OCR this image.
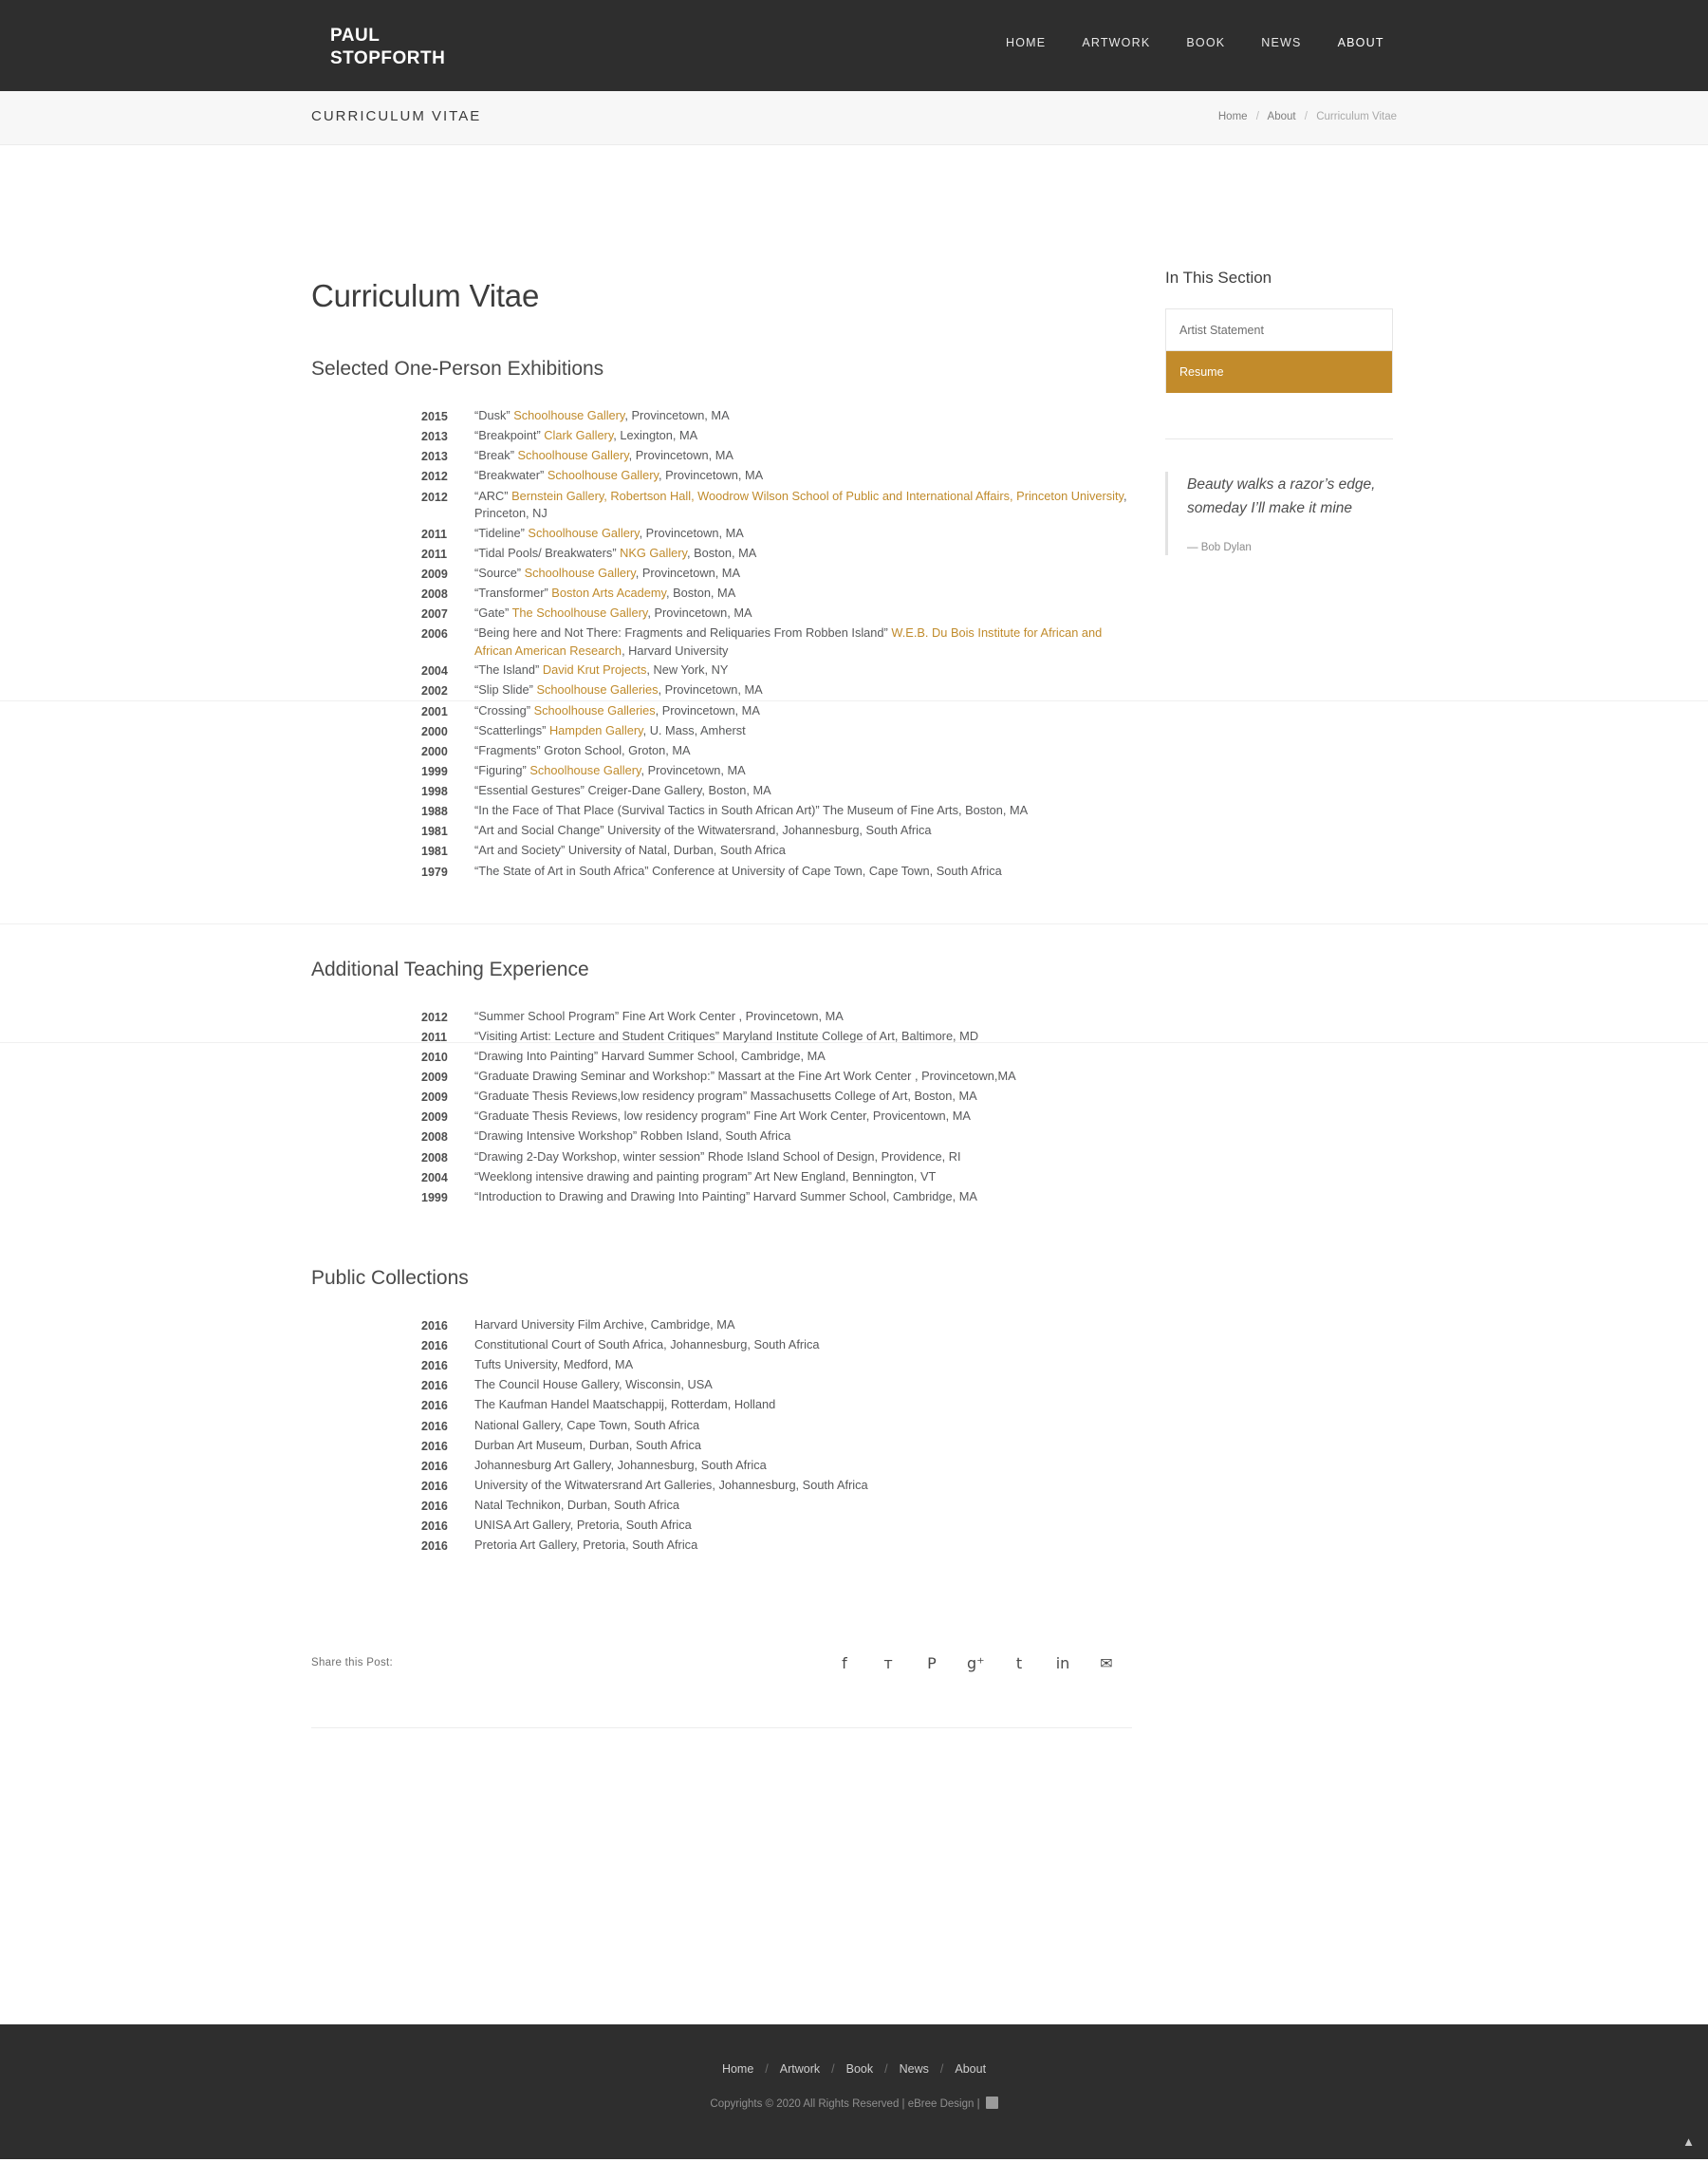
PAUL
STOPFORTH
HOME	ARTWORK	BOOK	NEWS	ABOUT
CURRICULUM VITAE	Home / About / Curriculum Vitae
Curriculum Vitae
Selected One-Person Exhibitions
2015	“Dusk” Schoolhouse Gallery, Provincetown, MA
2013	“Breakpoint” Clark Gallery, Lexington, MA
2013	“Break” Schoolhouse Gallery, Provincetown, MA
2012	“Breakwater” Schoolhouse Gallery, Provincetown, MA
2012	“ARC” Bernstein Gallery, Robertson Hall, Woodrow Wilson School of Public and International Affairs, Princeton University, Princeton, NJ
2011	“Tideline” Schoolhouse Gallery, Provincetown, MA
2011	“Tidal Pools/ Breakwaters” NKG Gallery, Boston, MA
2009	“Source” Schoolhouse Gallery, Provincetown, MA
2008	“Transformer” Boston Arts Academy, Boston, MA
2007	“Gate” The Schoolhouse Gallery, Provincetown, MA
2006	“Being here and Not There: Fragments and Reliquaries From Robben Island” W.E.B. Du Bois Institute for African and African American Research, Harvard University
2004	“The Island” David Krut Projects, New York, NY
2002	“Slip Slide” Schoolhouse Galleries, Provincetown, MA
2001	“Crossing” Schoolhouse Galleries, Provincetown, MA
2000	“Scatterlings” Hampden Gallery, U. Mass, Amherst
2000	“Fragments” Groton School, Groton, MA
1999	“Figuring” Schoolhouse Gallery, Provincetown, MA
1998	“Essential Gestures” Creiger-Dane Gallery, Boston, MA
1988	“In the Face of That Place (Survival Tactics in South African Art)” The Museum of Fine Arts, Boston, MA
1981	“Art and Social Change” University of the Witwatersrand, Johannesburg, South Africa
1981	“Art and Society” University of Natal, Durban, South Africa
1979	“The State of Art in South Africa” Conference at University of Cape Town, Cape Town, South Africa
Additional Teaching Experience
2012	“Summer School Program” Fine Art Work Center , Provincetown, MA
2011	“Visiting Artist: Lecture and Student Critiques” Maryland Institute College of Art, Baltimore, MD
2010	“Drawing Into Painting” Harvard Summer School, Cambridge, MA
2009	“Graduate Drawing Seminar and Workshop:” Massart at the Fine Art Work Center , Provincetown,MA
2009	“Graduate Thesis Reviews,low residency program” Massachusetts College of Art, Boston, MA
2009	“Graduate Thesis Reviews, low residency program” Fine Art Work Center, Provicentown, MA
2008	“Drawing Intensive Workshop” Robben Island, South Africa
2008	“Drawing 2-Day Workshop, winter session” Rhode Island School of Design, Providence, RI
2004	“Weeklong intensive drawing and painting program” Art New England, Bennington, VT
1999	“Introduction to Drawing and Drawing Into Painting” Harvard Summer School, Cambridge, MA
Public Collections
2016	Harvard University Film Archive, Cambridge, MA
2016	Constitutional Court of South Africa, Johannesburg, South Africa
2016	Tufts University, Medford, MA
2016	The Council House Gallery, Wisconsin, USA
2016	The Kaufman Handel Maatschappij, Rotterdam, Holland
2016	National Gallery, Cape Town, South Africa
2016	Durban Art Museum, Durban, South Africa
2016	Johannesburg Art Gallery, Johannesburg, South Africa
2016	University of the Witwatersrand Art Galleries, Johannesburg, South Africa
2016	Natal Technikon, Durban, South Africa
2016	UNISA Art Gallery, Pretoria, South Africa
2016	Pretoria Art Gallery, Pretoria, South Africa
Share this Post:	f	ᴛ P g⁺	t	in ✉
In This Section
Artist Statement
Resume

Beauty walks a razor’s edge, someday I’ll make it mine

— Bob Dylan
Home / Artwork / Book / News / About
Copyrights © 2020 All Rights Reserved | eBree Design |
▲
